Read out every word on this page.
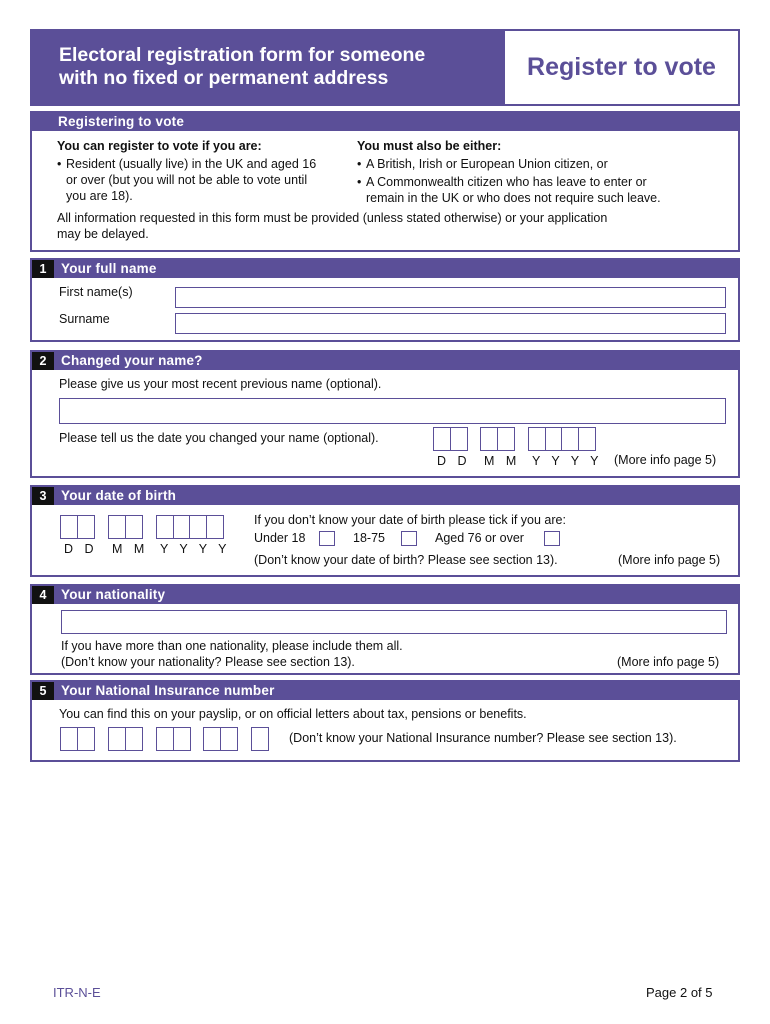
Electoral registration form for someone
with no fixed or permanent address	Register to vote
Registering to vote
You can register to vote if you are:
• Resident (usually live) in the UK and aged 16
or over (but you will not be able to vote until
you are 18).
You must also be either:
• A British, Irish or European Union citizen, or
• A Commonwealth citizen who has leave to enter or
remain in the UK or who does not require such leave.
All information requested in this form must be provided (unless stated otherwise) or your application
may be delayed.
1	Your full name
First name(s)
Surname
2	Changed your name?
Please give us your most recent previous name (optional).
Please tell us the date you changed your name (optional).
D D M M Y Y Y Y (More info page 5)
3	Your date of birth
D D M M Y Y Y Y
If you don’t know your date of birth please tick if you are:
Under 18	18-75	Aged 76 or over
(Don’t know your date of birth? Please see section 13).	(More info page 5)
4	Your nationality
If you have more than one nationality, please include them all.
(Don’t know your nationality? Please see section 13).	(More info page 5)
5	Your National Insurance number
You can find this on your payslip, or on official letters about tax, pensions or benefits.
(Don’t know your National Insurance number? Please see section 13).
ITR-N-E	Page 2 of 5
